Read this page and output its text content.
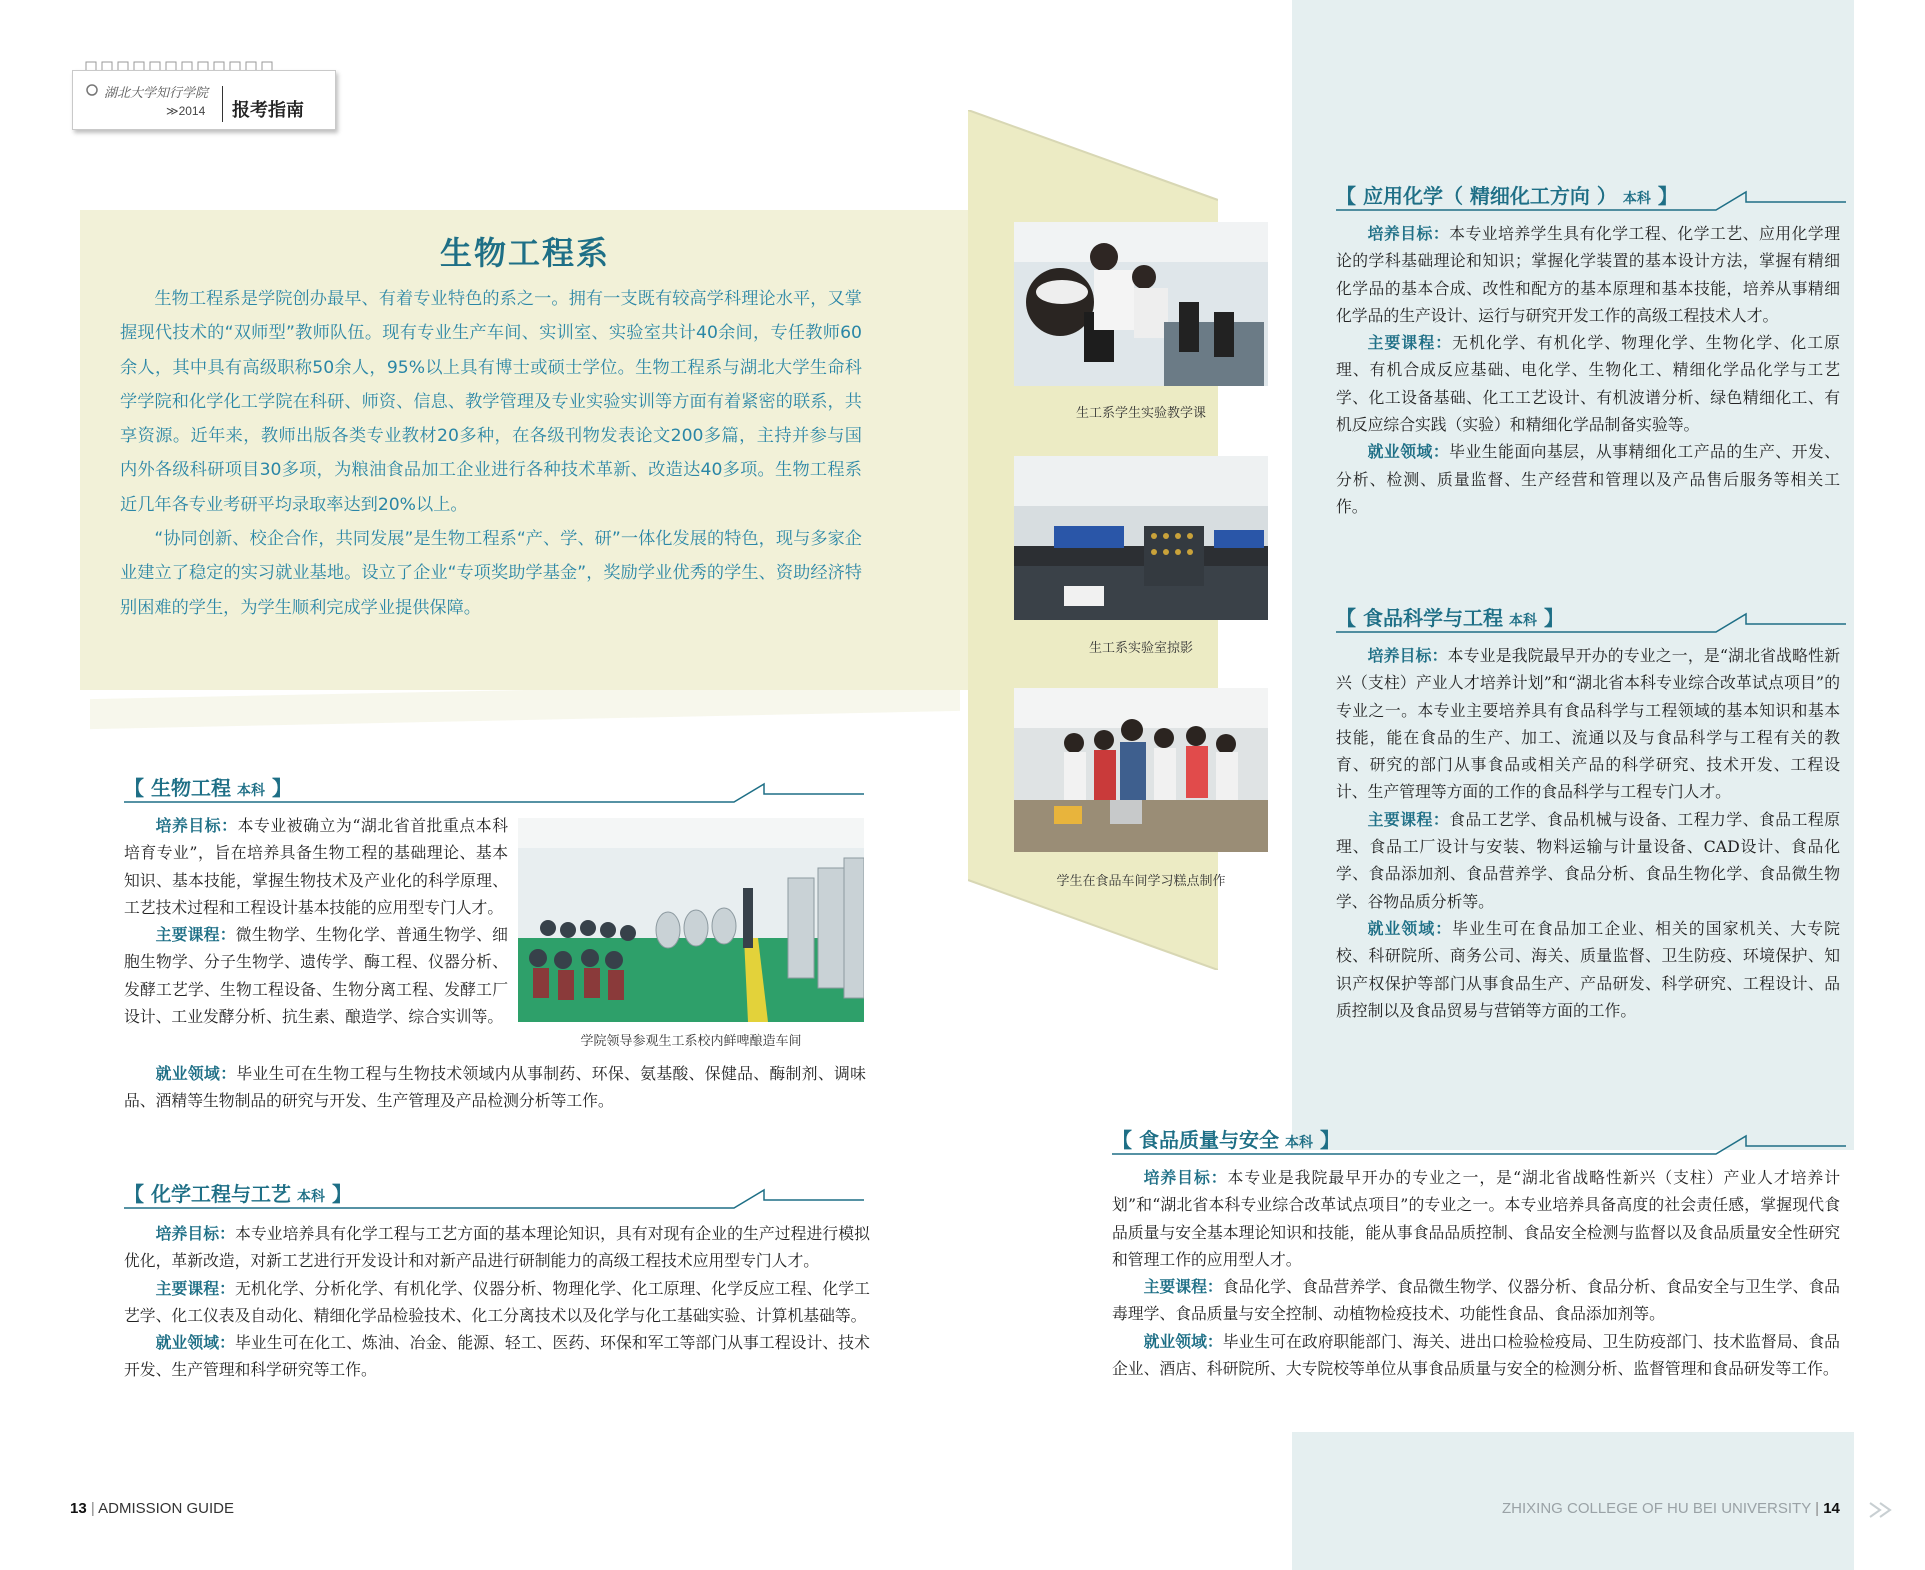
湖北大学知行学院
≫2014 报考指南
生物工程系

生物工程系是学院创办最早、有着专业特色的系之一。拥有一支既有较高学科理论水平，又掌握现代技术的“双师型”教师队伍。现有专业生产车间、实训室、实验室共计40余间，专任教师60余人，其中具有高级职称50余人，95%以上具有博士或硕士学位。生物工程系与湖北大学生命科学学院和化学化工学院在科研、师资、信息、教学管理及专业实验实训等方面有着紧密的联系，共享资源。近年来，教师出版各类专业教材20多种，在各级刊物发表论文200多篇，主持并参与国内外各级科研项目30多项，为粮油食品加工企业进行各种技术革新、改造达40多项。生物工程系近几年各专业考研平均录取率达到20%以上。

“协同创新、校企合作，共同发展”是生物工程系“产、学、研”一体化发展的特色，现与多家企业建立了稳定的实习就业基地。设立了企业“专项奖助学基金”，奖励学业优秀的学生、资助经济特别困难的学生，为学生顺利完成学业提供保障。

【 生物工程 本科 】

培养目标：本专业被确立为“湖北省首批重点本科培育专业”，旨在培养具备生物工程的基础理论、基本知识、基本技能，掌握生物技术及产业化的科学原理、工艺技术过程和工程设计基本技能的应用型专门人才。

主要课程：微生物学、生物化学、普通生物学、细胞生物学、分子生物学、遗传学、酶工程、仪器分析、发酵工艺学、生物工程设备、生物分离工程、发酵工厂设计、工业发酵分析、抗生素、酿造学、综合实训等。

就业领域：毕业生可在生物工程与生物技术领域内从事制药、环保、氨基酸、保健品、酶制剂、调味品、酒精等生物制品的研究与开发、生产管理及产品检测分析等工作。

学院领导参观生工系校内鲜啤酿造车间
【 化学工程与工艺 本科 】

培养目标：本专业培养具有化学工程与工艺方面的基本理论知识，具有对现有企业的生产过程进行模拟优化，革新改造，对新工艺进行开发设计和对新产品进行研制能力的高级工程技术应用型专门人才。

主要课程：无机化学、分析化学、有机化学、仪器分析、物理化学、化工原理、化学反应工程、化学工艺学、化工仪表及自动化、精细化学品检验技术、化工分离技术以及化学与化工基础实验、计算机基础等。

就业领域：毕业生可在化工、炼油、冶金、能源、轻工、医药、环保和军工等部门从事工程设计、技术开发、生产管理和科学研究等工作。

生工系学生实验教学课
生工系实验室掠影
学生在食品车间学习糕点制作
【 应用化学（ 精细化工方向 ） 本科 】

培养目标：本专业培养学生具有化学工程、化学工艺、应用化学理论的学科基础理论和知识；掌握化学装置的基本设计方法，掌握有精细化学品的基本合成、改性和配方的基本原理和基本技能，培养从事精细化学品的生产设计、运行与研究开发工作的高级工程技术人才。

主要课程：无机化学、有机化学、物理化学、生物化学、化工原理、有机合成反应基础、电化学、生物化工、精细化学品化学与工艺学、化工设备基础、化工工艺设计、有机波谱分析、绿色精细化工、有机反应综合实践（实验）和精细化学品制备实验等。

就业领域：毕业生能面向基层，从事精细化工产品的生产、开发、分析、检测、质量监督、生产经营和管理以及产品售后服务等相关工作。

【 食品科学与工程 本科 】

培养目标：本专业是我院最早开办的专业之一，是“湖北省战略性新兴（支柱）产业人才培养计划”和“湖北省本科专业综合改革试点项目”的专业之一。本专业主要培养具有食品科学与工程领域的基本知识和基本技能，能在食品的生产、加工、流通以及与食品科学与工程有关的教育、研究的部门从事食品或相关产品的科学研究、技术开发、工程设计、生产管理等方面的工作的食品科学与工程专门人才。

主要课程：食品工艺学、食品机械与设备、工程力学、食品工程原理、食品工厂设计与安装、物料运输与计量设备、CAD设计、食品化学、食品添加剂、食品营养学、食品分析、食品生物化学、食品微生物学、谷物品质分析等。

就业领域：毕业生可在食品加工企业、相关的国家机关、大专院校、科研院所、商务公司、海关、质量监督、卫生防疫、环境保护、知识产权保护等部门从事食品生产、产品研发、科学研究、工程设计、品质控制以及食品贸易与营销等方面的工作。

【 食品质量与安全 本科 】

培养目标：本专业是我院最早开办的专业之一，是“湖北省战略性新兴（支柱）产业人才培养计划”和“湖北省本科专业综合改革试点项目”的专业之一。本专业培养具备高度的社会责任感，掌握现代食品质量与安全基本理论知识和技能，能从事食品品质控制、食品安全检测与监督以及食品质量安全性研究和管理工作的应用型人才。

主要课程：食品化学、食品营养学、食品微生物学、仪器分析、食品分析、食品安全与卫生学、食品毒理学、食品质量与安全控制、动植物检疫技术、功能性食品、食品添加剂等。

就业领域：毕业生可在政府职能部门、海关、进出口检验检疫局、卫生防疫部门、技术监督局、食品企业、酒店、科研院所、大专院校等单位从事食品质量与安全的检测分析、监督管理和食品研发等工作。

13 | ADMISSION GUIDE	ZHIXING COLLEGE OF HU BEI UNIVERSITY | 14
